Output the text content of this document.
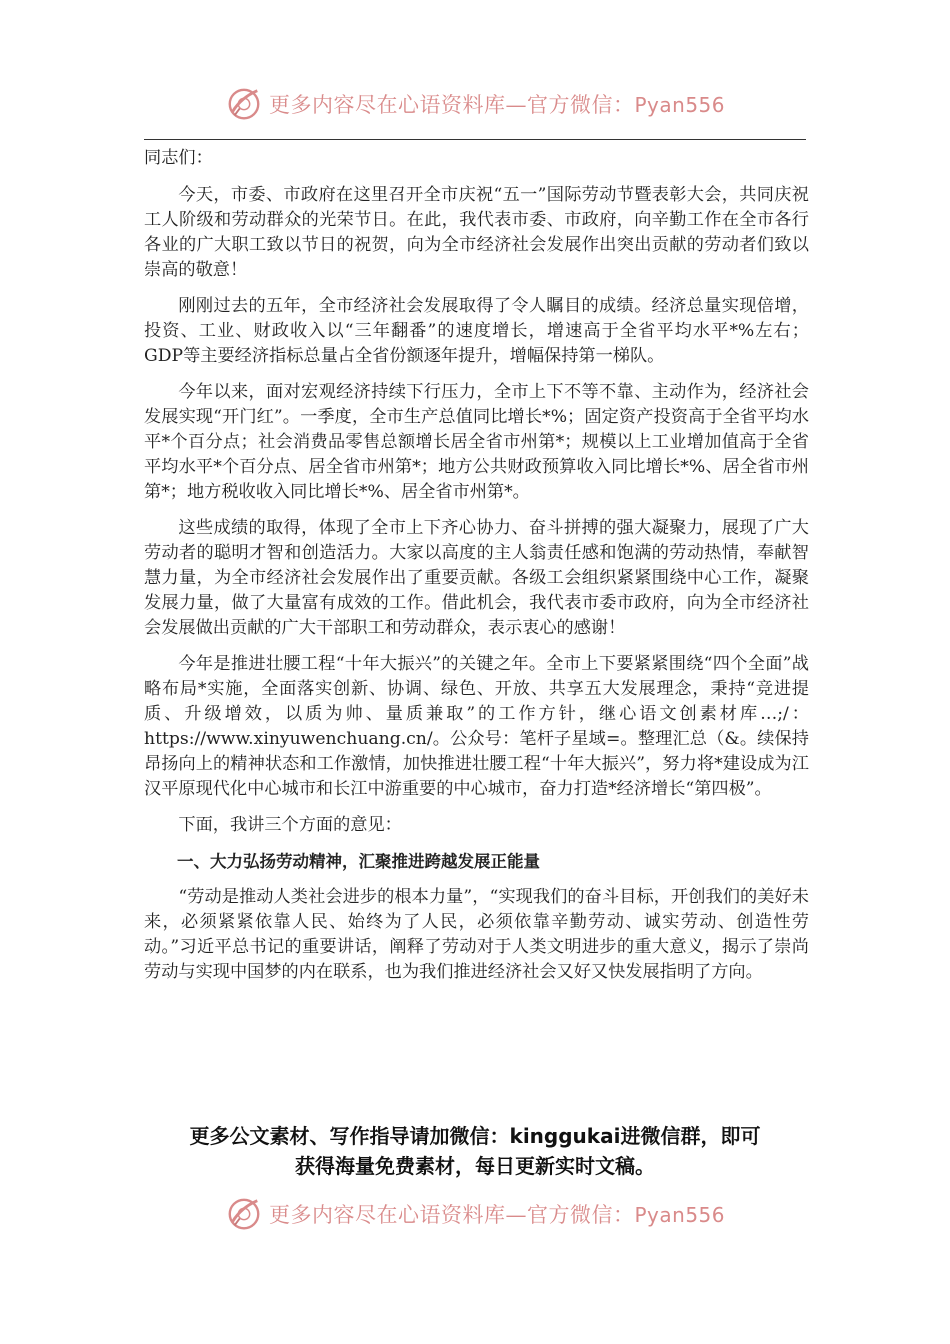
更多内容尽在心语资料库—官方微信：Pyan556

同志们：

今天，市委、市政府在这里召开全市庆祝“五一”国际劳动节暨表彰大会，共同庆祝工人阶级和劳动群众的光荣节日。在此，我代表市委、市政府，向辛勤工作在全市各行各业的广大职工致以节日的祝贺，向为全市经济社会发展作出突出贡献的劳动者们致以崇高的敬意！

刚刚过去的五年，全市经济社会发展取得了令人瞩目的成绩。经济总量实现倍增，投资、工业、财政收入以“三年翻番”的速度增长，增速高于全省平均水平*%左右；GDP等主要经济指标总量占全省份额逐年提升，增幅保持第一梯队。

今年以来，面对宏观经济持续下行压力，全市上下不等不靠、主动作为，经济社会发展实现“开门红”。一季度，全市生产总值同比增长*%；固定资产投资高于全省平均水平*个百分点；社会消费品零售总额增长居全省市州第*；规模以上工业增加值高于全省平均水平*个百分点、居全省市州第*；地方公共财政预算收入同比增长*%、居全省市州第*；地方税收收入同比增长*%、居全省市州第*。

这些成绩的取得，体现了全市上下齐心协力、奋斗拼搏的强大凝聚力，展现了广大劳动者的聪明才智和创造活力。大家以高度的主人翁责任感和饱满的劳动热情，奉献智慧力量，为全市经济社会发展作出了重要贡献。各级工会组织紧紧围绕中心工作，凝聚发展力量，做了大量富有成效的工作。借此机会，我代表市委市政府，向为全市经济社会发展做出贡献的广大干部职工和劳动群众，表示衷心的感谢！

今年是推进壮腰工程“十年大振兴”的关键之年。全市上下要紧紧围绕“四个全面”战略布局*实施，全面落实创新、协调、绿色、开放、共享五大发展理念，秉持“竞进提质、升级增效，以质为帅、量质兼取”的工作方针，继心语文创素材库…;/：https://www.xinyuwenchuang.cn/。公众号：笔杆子星域=。整理汇总（&。续保持昂扬向上的精神状态和工作激情，加快推进壮腰工程“十年大振兴”，努力将*建设成为江汉平原现代化中心城市和长江中游重要的中心城市，奋力打造*经济增长“第四极”。

下面，我讲三个方面的意见：

一、大力弘扬劳动精神，汇聚推进跨越发展正能量

“劳动是推动人类社会进步的根本力量”，“实现我们的奋斗目标，开创我们的美好未来，必须紧紧依靠人民、始终为了人民，必须依靠辛勤劳动、诚实劳动、创造性劳动。”习近平总书记的重要讲话，阐释了劳动对于人类文明进步的重大意义，揭示了崇尚劳动与实现中国梦的内在联系，也为我们推进经济社会又好又快发展指明了方向。

更多公文素材、写作指导请加微信：kinggukai进微信群，即可
获得海量免费素材，每日更新实时文稿。
更多内容尽在心语资料库—官方微信：Pyan556
